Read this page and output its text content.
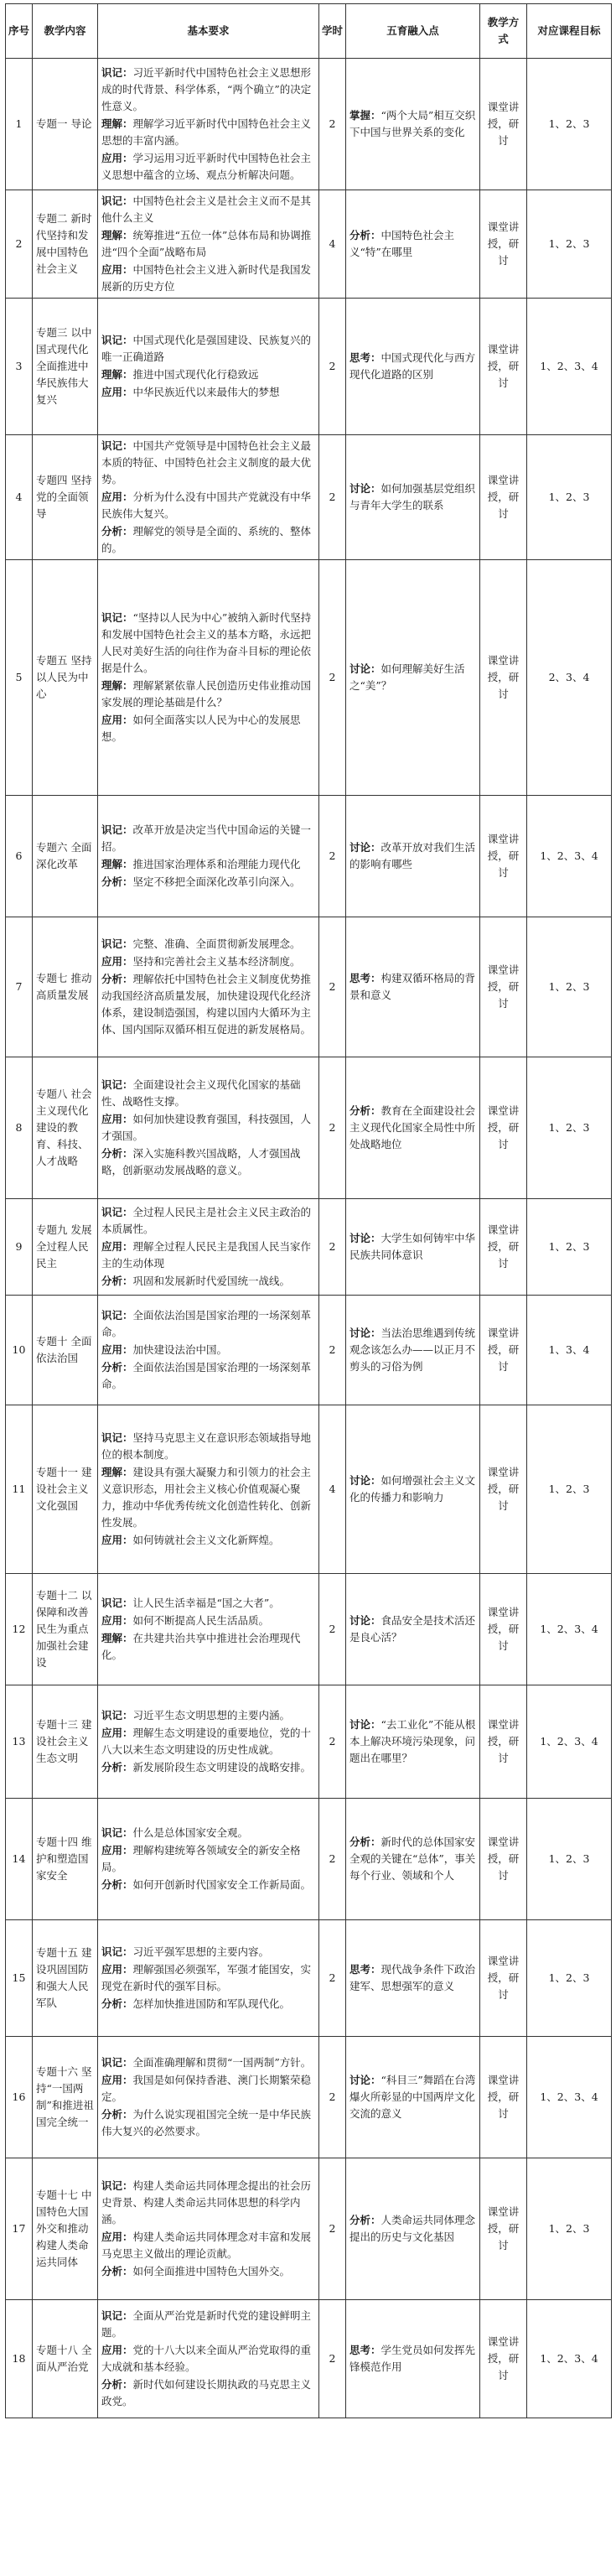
序号	教学内容	基本要求	学时	五育融入点	教学方式	对应课程目标
1	专题一 导论	识记：习近平新时代中国特色社会主义思想形成的时代背景、科学体系，“两个确立”的决定性意义。
理解：理解学习近平新时代中国特色社会主义思想的丰富内涵。
应用：学习运用习近平新时代中国特色社会主义思想中蕴含的立场、观点分析解决问题。	2	掌握：“两个大局”相互交织下中国与世界关系的变化	课堂讲授，研讨	1、2、3
2	专题二 新时代坚持和发展中国特色社会主义	识记：中国特色社会主义是社会主义而不是其他什么主义
理解：统筹推进“五位一体”总体布局和协调推进“四个全面”战略布局
应用：中国特色社会主义进入新时代是我国发展新的历史方位	4	分析：中国特色社会主义“特”在哪里	课堂讲授，研讨	1、2、3
3	专题三 以中国式现代化全面推进中华民族伟大复兴	识记：中国式现代化是强国建设、民族复兴的唯一正确道路
理解：推进中国式现代化行稳致远
应用：中华民族近代以来最伟大的梦想	2	思考：中国式现代化与西方现代化道路的区别	课堂讲授，研讨	1、2、3、4
4	专题四 坚持党的全面领导	识记：中国共产党领导是中国特色社会主义最本质的特征、中国特色社会主义制度的最大优势。
应用：分析为什么没有中国共产党就没有中华民族伟大复兴。
分析：理解党的领导是全面的、系统的、整体的。	2	讨论：如何加强基层党组织与青年大学生的联系	课堂讲授，研讨	1、2、3
5	专题五 坚持以人民为中心	识记：“坚持以人民为中心”被纳入新时代坚持和发展中国特色社会主义的基本方略，永远把人民对美好生活的向往作为奋斗目标的理论依据是什么。
理解：理解紧紧依靠人民创造历史伟业推动国家发展的理论基础是什么？
应用：如何全面落实以人民为中心的发展思想。	2	讨论：如何理解美好生活之“美”？	课堂讲授，研讨	2、3、4
6	专题六 全面深化改革	识记：改革开放是决定当代中国命运的关键一招。
理解：推进国家治理体系和治理能力现代化
分析：坚定不移把全面深化改革引向深入。	2	讨论：改革开放对我们生活的影响有哪些	课堂讲授，研讨	1、2、3、4
7	专题七 推动高质量发展	识记：完整、准确、全面贯彻新发展理念。
应用：坚持和完善社会主义基本经济制度。
分析：理解依托中国特色社会主义制度优势推动我国经济高质量发展，加快建设现代化经济体系，建设制造强国，构建以国内大循环为主体、国内国际双循环相互促进的新发展格局。	2	思考：构建双循环格局的背景和意义	课堂讲授，研讨	1、2、3
8	专题八 社会主义现代化建设的教育、科技、人才战略	识记：全面建设社会主义现代化国家的基础性、战略性支撑。
应用：如何加快建设教育强国，科技强国，人才强国。
分析：深入实施科教兴国战略，人才强国战略，创新驱动发展战略的意义。	2	分析：教育在全面建设社会主义现代化国家全局性中所处战略地位	课堂讲授，研讨	1、2、3
9	专题九 发展全过程人民民主	识记：全过程人民民主是社会主义民主政治的本质属性。
应用：理解全过程人民民主是我国人民当家作主的生动体现
分析：巩固和发展新时代爱国统一战线。	2	讨论：大学生如何铸牢中华民族共同体意识	课堂讲授，研讨	1、2、3
10	专题十 全面依法治国	识记：全面依法治国是国家治理的一场深刻革命。
应用：加快建设法治中国。
分析：全面依法治国是国家治理的一场深刻革命。	2	讨论：当法治思维遇到传统观念该怎么办——以正月不剪头的习俗为例	课堂讲授，研讨	1、3、4
11	专题十一 建设社会主义文化强国	识记：坚持马克思主义在意识形态领域指导地位的根本制度。
理解：建设具有强大凝聚力和引领力的社会主义意识形态，用社会主义核心价值观凝心聚力，推动中华优秀传统文化创造性转化、创新性发展。
应用：如何铸就社会主义文化新辉煌。	4	讨论：如何增强社会主义文化的传播力和影响力	课堂讲授，研讨	1、2、3
12	专题十二 以保障和改善民生为重点加强社会建设	识记：让人民生活幸福是“国之大者”。
应用：如何不断提高人民生活品质。
理解：在共建共治共享中推进社会治理现代化。	2	讨论：食品安全是技术活还是良心活？	课堂讲授，研讨	1、2、3、4
13	专题十三 建设社会主义生态文明	识记：习近平生态文明思想的主要内涵。
应用：理解生态文明建设的重要地位，党的十八大以来生态文明建设的历史性成就。
分析：新发展阶段生态文明建设的战略安排。	2	讨论：“去工业化”不能从根本上解决环境污染现象，问题出在哪里？	课堂讲授，研讨	1、2、3、4
14	专题十四 维护和塑造国家安全	识记：什么是总体国家安全观。
应用：理解构建统筹各领域安全的新安全格局。
分析：如何开创新时代国家安全工作新局面。	2	分析：新时代的总体国家安全观的关键在“总体”，事关每个行业、领域和个人	课堂讲授，研讨	1、2、3
15	专题十五 建设巩固国防和强大人民军队	识记：习近平强军思想的主要内容。
应用：理解强国必须强军，军强才能国安，实现党在新时代的强军目标。
分析：怎样加快推进国防和军队现代化。	2	思考：现代战争条件下政治建军、思想强军的意义	课堂讲授，研讨	1、2、3
16	专题十六 坚持“一国两制”和推进祖国完全统一	识记：全面准确理解和贯彻“一国两制”方针。
应用：我国是如何保持香港、澳门长期繁荣稳定。
分析：为什么说实现祖国完全统一是中华民族伟大复兴的必然要求。	2	讨论：“科目三”舞蹈在台湾爆火所彰显的中国两岸文化交流的意义	课堂讲授，研讨	1、2、3、4
17	专题十七 中国特色大国外交和推动构建人类命运共同体	识记：构建人类命运共同体理念提出的社会历史背景、构建人类命运共同体思想的科学内涵。
应用：构建人类命运共同体理念对丰富和发展马克思主义做出的理论贡献。
分析：如何全面推进中国特色大国外交。	2	分析：人类命运共同体理念提出的历史与文化基因	课堂讲授，研讨	1、2、3
18	专题十八 全面从严治党	识记：全面从严治党是新时代党的建设鲜明主题。
应用：党的十八大以来全面从严治党取得的重大成就和基本经验。
分析：新时代如何建设长期执政的马克思主义政党。	2	思考：学生党员如何发挥先锋模范作用	课堂讲授，研讨	1、2、3、4
